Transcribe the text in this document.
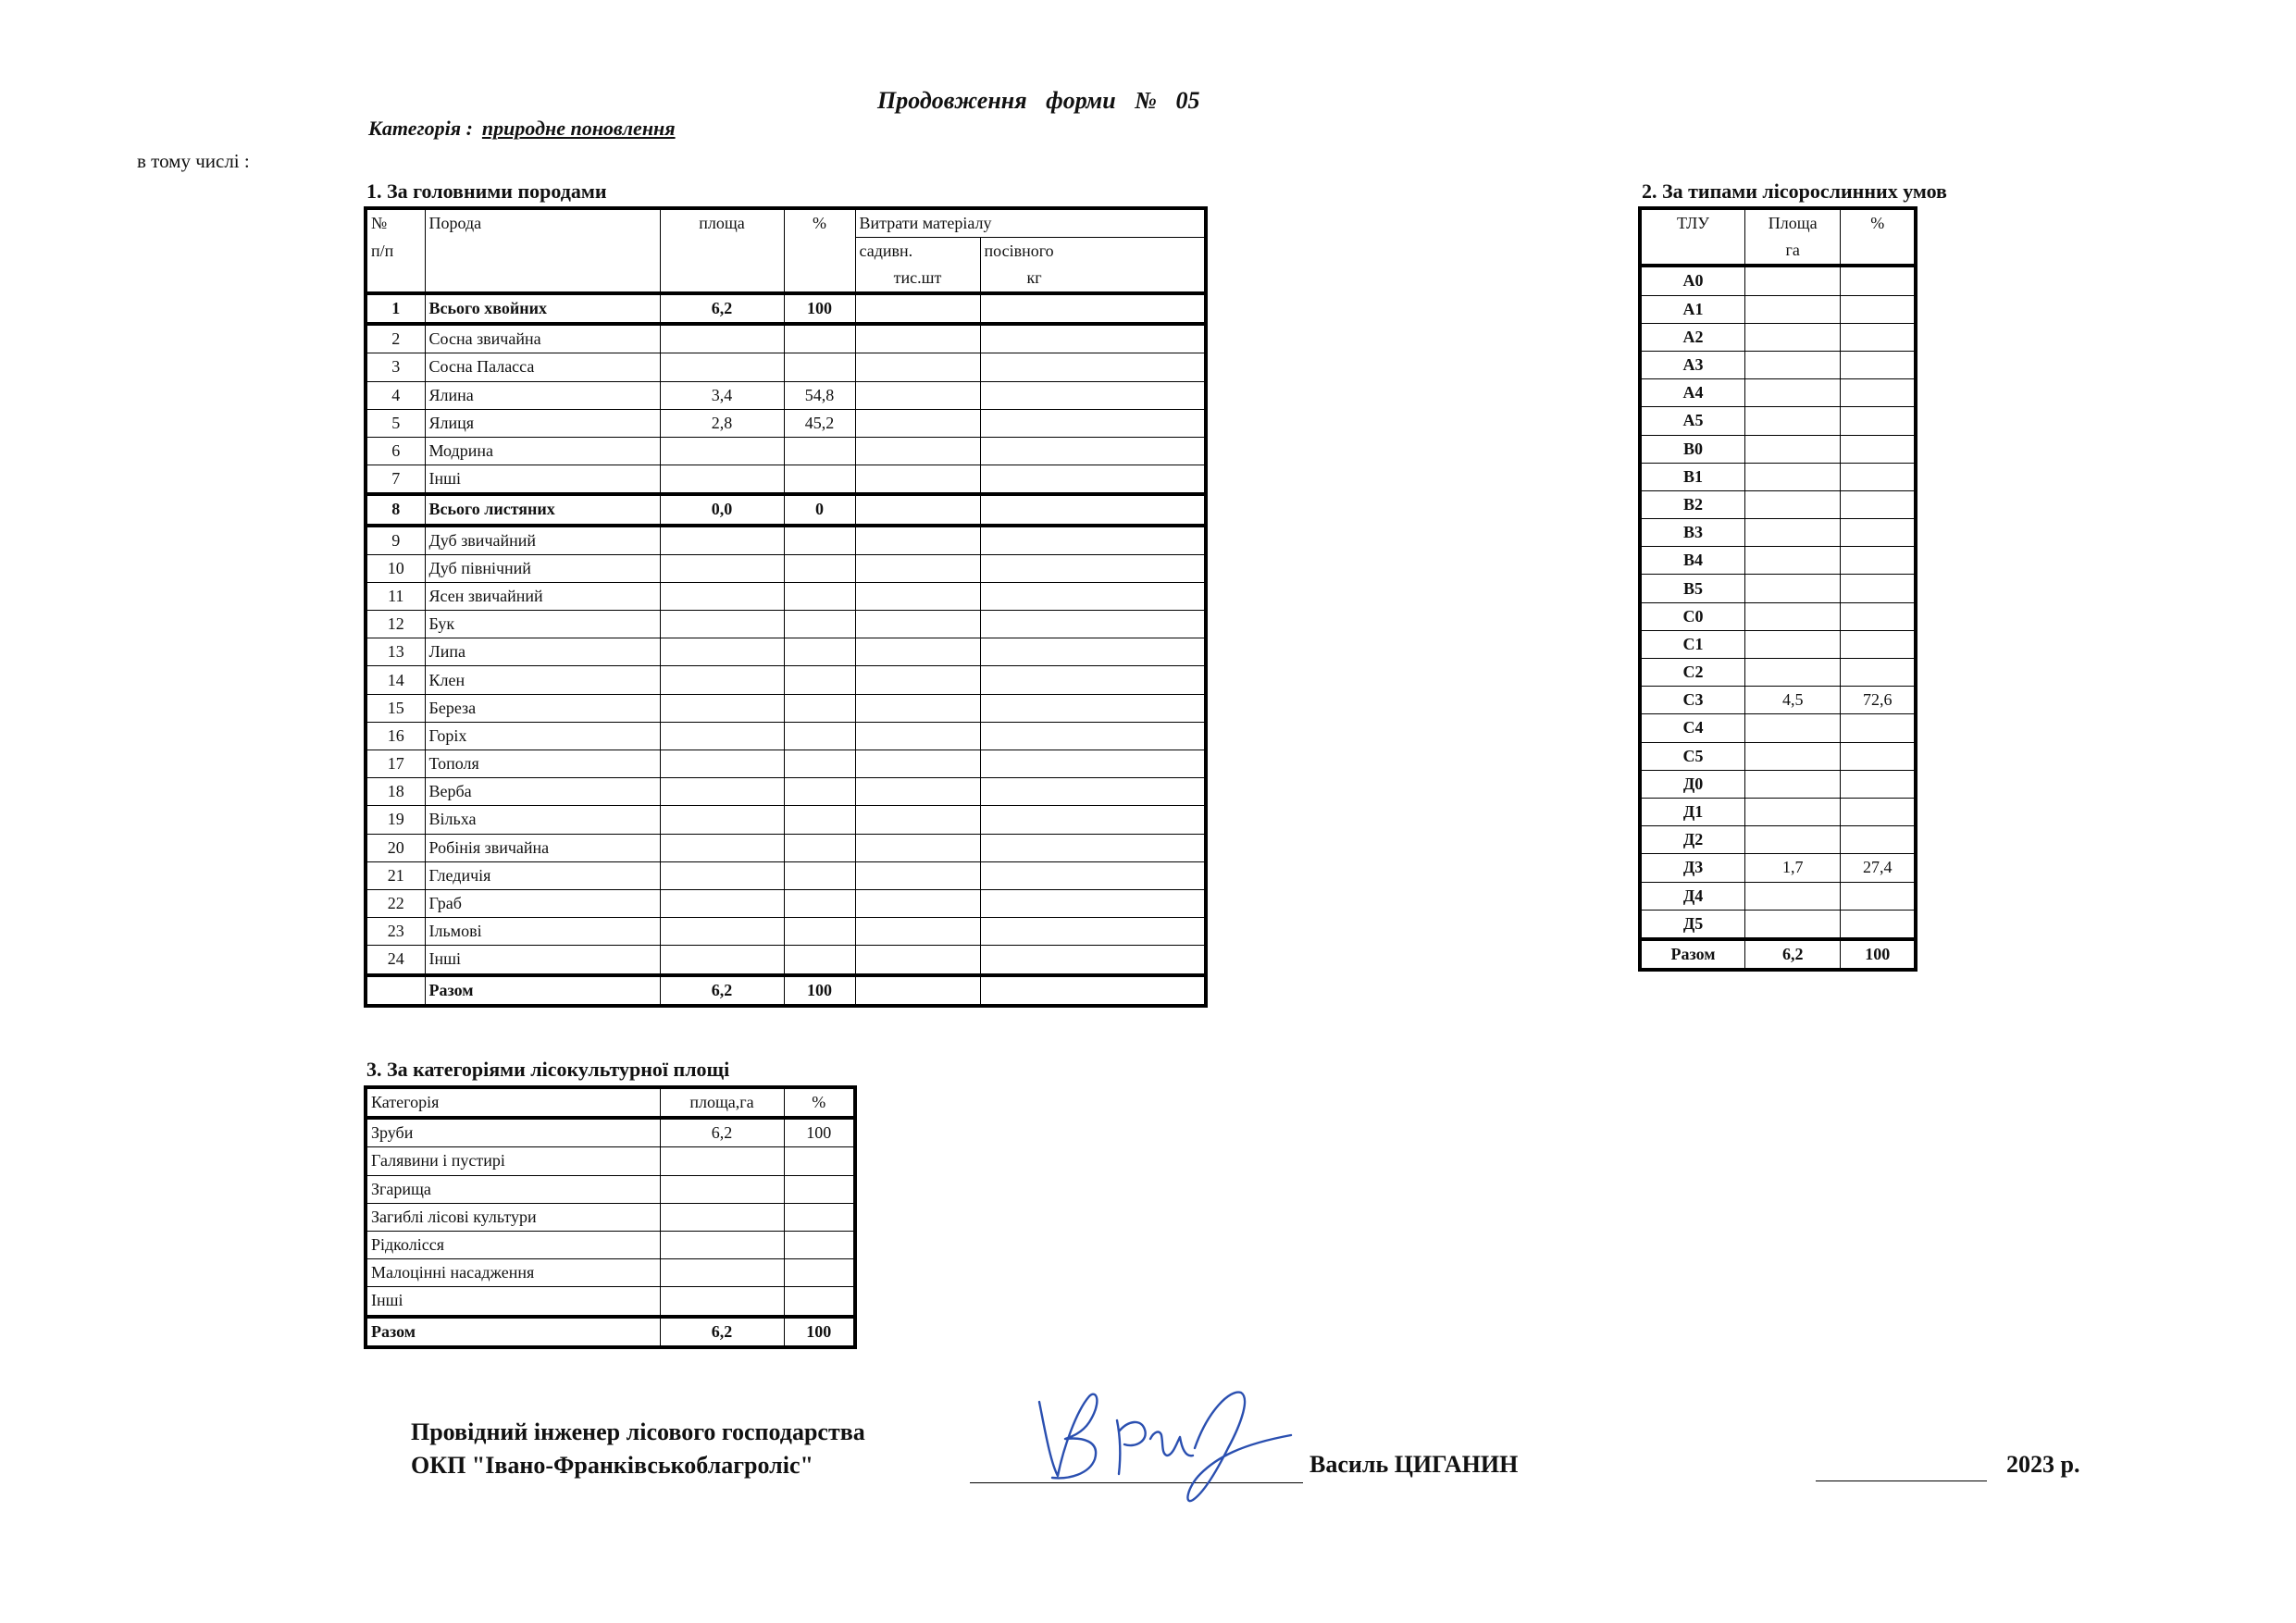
Продовження форми № 05
Категорія : природне поновлення
в тому числі :
1. За головними породами
№	Порода	площа	%	Витрати матеріалу	
п/п				садивн.	посівного
				тис.шт	кг
1	Всього хвойних	6,2	100		
2	Сосна звичайна				
3	Сосна Паласса				
4	Ялина	3,4	54,8		
5	Ялиця	2,8	45,2		
6	Модрина				
7	Інші				
8	Всього листяних	0,0	0		
9	Дуб звичайний				
10	Дуб північний				
11	Ясен звичайний				
12	Бук				
13	Липа				
14	Клен				
15	Береза				
16	Горіх				
17	Тополя				
18	Верба				
19	Вільха				
20	Робінія звичайна				
21	Гледичія				
22	Граб				
23	Ільмові				
24	Інші				
	Разом	6,2	100		
2. За типами лісорослинних умов
ТЛУ	Площа	%
	га	
А0		
А1		
А2		
А3		
А4		
А5		
В0		
В1		
В2		
В3		
В4		
В5		
С0		
С1		
С2		
С3	4,5	72,6
С4		
С5		
Д0		
Д1		
Д2		
Д3	1,7	27,4
Д4		
Д5		
Разом	6,2	100
3. За категоріями лісокультурної площі
Категорія	площа,га	%
Зруби	6,2	100
Галявини і пустирі		
Згарища		
Загиблі лісові культури		
Рідколісся		
Малоцінні насадження		
Інші		
Разом	6,2	100
Провідний інженер лісового господарства
ОКП "Івано-Франківськоблагроліс"	Василь ЦИГАНИН	2023 р.
